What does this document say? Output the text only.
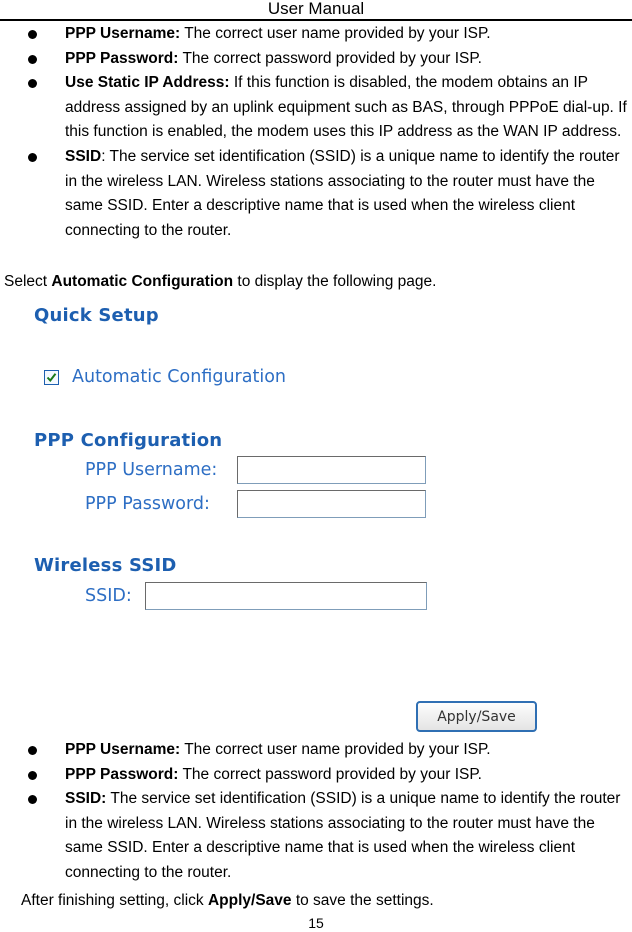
User Manual
PPP Username: The correct user name provided by your ISP.
PPP Password: The correct password provided by your ISP.
Use Static IP Address: If this function is disabled, the modem obtains an IP address assigned by an uplink equipment such as BAS, through PPPoE dial-up. If this function is enabled, the modem uses this IP address as the WAN IP address.
SSID: The service set identification (SSID) is a unique name to identify the router in the wireless LAN. Wireless stations associating to the router must have the same SSID. Enter a descriptive name that is used when the wireless client connecting to the router.
Select Automatic Configuration to display the following page.
Quick Setup
Automatic Configuration
PPP Configuration
PPP Username:
PPP Password:
Wireless SSID
SSID:
Apply/Save
PPP Username: The correct user name provided by your ISP.
PPP Password: The correct password provided by your ISP.
SSID: The service set identification (SSID) is a unique name to identify the router in the wireless LAN. Wireless stations associating to the router must have the same SSID. Enter a descriptive name that is used when the wireless client connecting to the router.
After finishing setting, click Apply/Save to save the settings.
15
